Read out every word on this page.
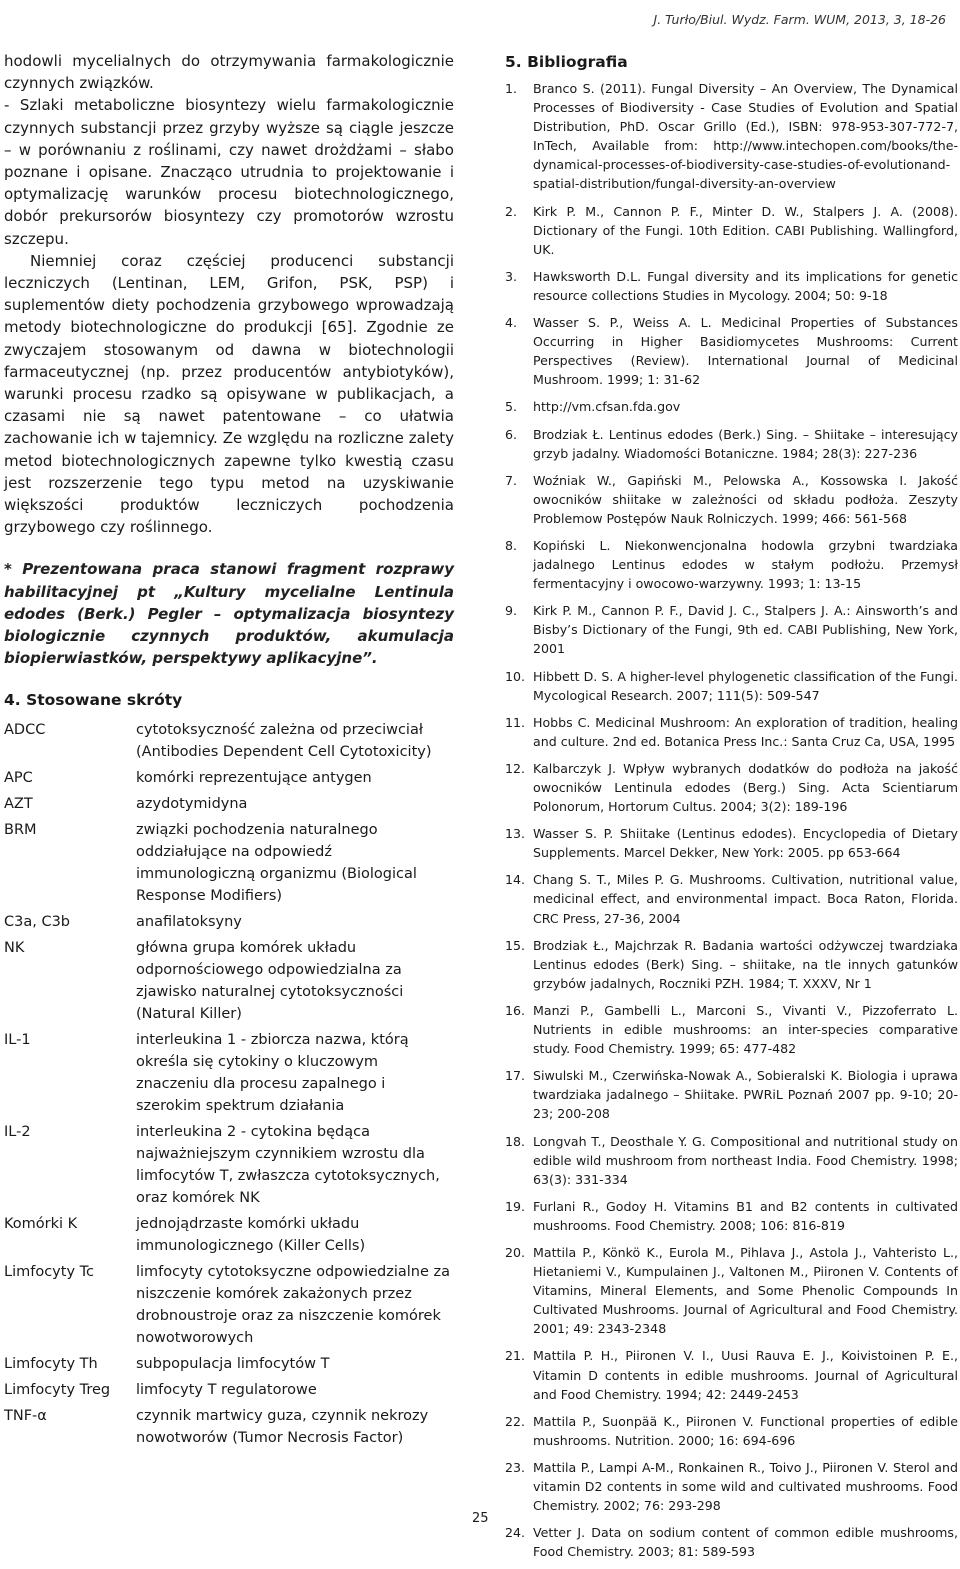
J. Turło/Biul. Wydz. Farm. WUM, 2013, 3, 18-26

hodowli mycelialnych do otrzymywania farmakologicznie czynnych związków.

- Szlaki metaboliczne biosyntezy wielu farmakologicznie czynnych substancji przez grzyby wyższe są ciągle jeszcze – w porównaniu z roślinami, czy nawet drożdżami – słabo poznane i opisane. Znacząco utrudnia to projektowanie i optymalizację warunków procesu biotechnologicznego, dobór prekursorów biosyntezy czy promotorów wzrostu szczepu.

Niemniej coraz częściej producenci substancji leczniczych (Lentinan, LEM, Grifon, PSK, PSP) i suplementów diety pochodzenia grzybowego wprowadzają metody biotechnologiczne do produkcji [65]. Zgodnie ze zwyczajem stosowanym od dawna w biotechnologii farmaceutycznej (np. przez producentów antybiotyków), warunki procesu rzadko są opisywane w publikacjach, a czasami nie są nawet patentowane – co ułatwia zachowanie ich w tajemnicy. Ze względu na rozliczne zalety metod biotechnologicznych zapewne tylko kwestią czasu jest rozszerzenie tego typu metod na uzyskiwanie większości produktów leczniczych pochodzenia grzybowego czy roślinnego.

* Prezentowana praca stanowi fragment rozprawy habilitacyjnej pt „Kultury mycelialne Lentinula edodes (Berk.) Pegler – optymalizacja biosyntezy biologicznie czynnych produktów, akumulacja biopierwiastków, perspektywy aplikacyjne”.

4. Stosowane skróty
ADCC	cytotoksyczność zależna od przeciwciał (Antibodies Dependent Cell Cytotoxicity)
APC	komórki reprezentujące antygen
AZT	azydotymidyna
BRM	związki pochodzenia naturalnego oddziałujące na odpowiedź immunologiczną organizmu (Biological Response Modifiers)
C3a, C3b	anafilatoksyny
NK	główna grupa komórek układu odpornościowego odpowiedzialna za zjawisko naturalnej cytotoksyczności (Natural Killer)
IL-1	interleukina 1 - zbiorcza nazwa, którą określa się cytokiny o kluczowym znaczeniu dla procesu zapalnego i szerokim spektrum działania
IL-2	interleukina 2 - cytokina będąca najważniejszym czynnikiem wzrostu dla limfocytów T, zwłaszcza cytotoksycznych, oraz komórek NK
Komórki K	jednojądrzaste komórki układu immunologicznego (Killer Cells)
Limfocyty Tc	limfocyty cytotoksyczne odpowiedzialne za niszczenie komórek zakażonych przez drobnoustroje oraz za niszczenie komórek nowotworowych
Limfocyty Th	subpopulacja limfocytów T
Limfocyty Treg	limfocyty T regulatorowe
TNF-α	czynnik martwicy guza, czynnik nekrozy nowotworów (Tumor Necrosis Factor)
5. Bibliografia
1.	Branco S. (2011). Fungal Diversity – An Overview, The Dynamical Processes of Biodiversity - Case Studies of Evolution and Spatial Distribution, PhD. Oscar Grillo (Ed.), ISBN: 978-953-307-772-7, InTech, Available from: http://www.intechopen.com/books/the-dynamical-processes-of-biodiversity-case-studies-of-evolutionand-spatial-distribution/fungal-diversity-an-overview
2.	Kirk P. M., Cannon P. F., Minter D. W., Stalpers J. A. (2008). Dictionary of the Fungi. 10th Edition. CABI Publishing. Wallingford, UK.
3.	Hawksworth D.L. Fungal diversity and its implications for genetic resource collections Studies in Mycology. 2004; 50: 9-18
4.	Wasser S. P., Weiss A. L. Medicinal Properties of Substances Occurring in Higher Basidiomycetes Mushrooms: Current Perspectives (Review). International Journal of Medicinal Mushroom. 1999; 1: 31-62
5.	http://vm.cfsan.fda.gov
6.	Brodziak Ł. Lentinus edodes (Berk.) Sing. – Shiitake – interesujący grzyb jadalny. Wiadomości Botaniczne. 1984; 28(3): 227-236
7.	Woźniak W., Gapiński M., Pelowska A., Kossowska I. Jakość owocników shiitake w zależności od składu podłoża. Zeszyty Problemow Postępów Nauk Rolniczych. 1999; 466: 561-568
8.	Kopiński L. Niekonwencjonalna hodowla grzybni twardziaka jadalnego Lentinus edodes w stałym podłożu. Przemysł fermentacyjny i owocowo-warzywny. 1993; 1: 13-15
9.	Kirk P. M., Cannon P. F., David J. C., Stalpers J. A.: Ainsworth’s and Bisby’s Dictionary of the Fungi, 9th ed. CABI Publishing, New York, 2001
10. Hibbett D. S. A higher-level phylogenetic classification of the Fungi. Mycological Research. 2007; 111(5): 509-547
11. Hobbs C. Medicinal Mushroom: An exploration of tradition, healing and culture. 2nd ed. Botanica Press Inc.: Santa Cruz Ca, USA, 1995
12. Kalbarczyk J. Wpływ wybranych dodatków do podłoża na jakość owocników Lentinula edodes (Berg.) Sing. Acta Scientiarum Polonorum, Hortorum Cultus. 2004; 3(2): 189-196
13. Wasser S. P. Shiitake (Lentinus edodes). Encyclopedia of Dietary Supplements. Marcel Dekker, New York: 2005. pp 653-664
14. Chang S. T., Miles P. G. Mushrooms. Cultivation, nutritional value, medicinal effect, and environmental impact. Boca Raton, Florida. CRC Press, 27-36, 2004
15. Brodziak Ł., Majchrzak R. Badania wartości odżywczej twardziaka Lentinus edodes (Berk) Sing. – shiitake, na tle innych gatunków grzybów jadalnych, Roczniki PZH. 1984; T. XXXV, Nr 1
16. Manzi P., Gambelli L., Marconi S., Vivanti V., Pizzoferrato L. Nutrients in edible mushrooms: an inter-species comparative study. Food Chemistry. 1999; 65: 477-482
17. Siwulski M., Czerwińska-Nowak A., Sobieralski K. Biologia i uprawa twardziaka jadalnego – Shiitake. PWRiL Poznań 2007 pp. 9-10; 20-23; 200-208
18. Longvah T., Deosthale Y. G. Compositional and nutritional study on edible wild mushroom from northeast India. Food Chemistry. 1998; 63(3): 331-334
19. Furlani R., Godoy H. Vitamins B1 and B2 contents in cultivated mushrooms. Food Chemistry. 2008; 106: 816-819
20. Mattila P., Könkö K., Eurola M., Pihlava J., Astola J., Vahteristo L., Hietaniemi V., Kumpulainen J., Valtonen M., Piironen V. Contents of Vitamins, Mineral Elements, and Some Phenolic Compounds In Cultivated Mushrooms. Journal of Agricultural and Food Chemistry. 2001; 49: 2343-2348
21. Mattila P. H., Piironen V. I., Uusi Rauva E. J., Koivistoinen P. E., Vitamin D contents in edible mushrooms. Journal of Agricultural and Food Chemistry. 1994; 42: 2449-2453
22. Mattila P., Suonpää K., Piironen V. Functional properties of edible mushrooms. Nutrition. 2000; 16: 694-696
23. Mattila P., Lampi A-M., Ronkainen R., Toivo J., Piironen V. Sterol and vitamin D2 contents in some wild and cultivated mushrooms. Food Chemistry. 2002; 76: 293-298
24. Vetter J. Data on sodium content of common edible mushrooms, Food Chemistry. 2003; 81: 589-593
25
